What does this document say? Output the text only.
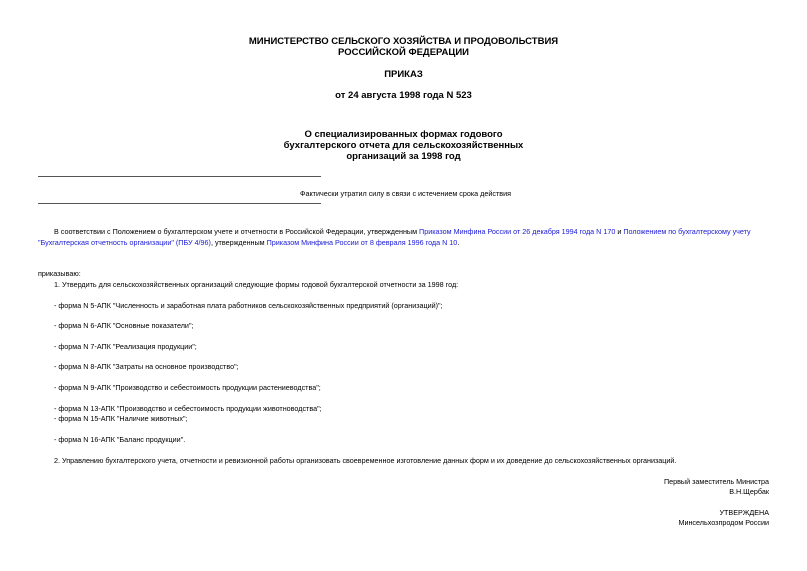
МИНИСТЕРСТВО СЕЛЬСКОГО ХОЗЯЙСТВА И ПРОДОВОЛЬСТВИЯ
РОССИЙСКОЙ ФЕДЕРАЦИИ
ПРИКАЗ
от 24 августа 1998 года N 523
О специализированных формах годового
бухгалтерского отчета для сельскохозяйственных
организаций за 1998 год
Фактически утратил силу в связи с истечением срока действия
В соответствии с Положением о бухгалтерском учете и отчетности в Российской Федерации, утвержденным Приказом Минфина России от 26 декабря 1994 года N 170 и Положением по бухгалтерскому учету
"Бухгалтерская отчетность организации" (ПБУ 4/96), утвержденным Приказом Минфина России от 8 февраля 1996 года N 10.
приказываю:
1. Утвердить для сельскохозяйственных организаций следующие формы годовой бухгалтерской отчетности за 1998 год:
- форма N 5-АПК "Численность и заработная плата работников сельскохозяйственных предприятий (организаций)";
- форма N 6-АПК "Основные показатели";
- форма N 7-АПК "Реализация продукции";
- форма N 8-АПК "Затраты на основное производство";
- форма N 9-АПК "Производство и себестоимость продукции растениеводства";
- форма N 13-АПК "Производство и себестоимость продукции животноводства";
- форма N 15-АПК "Наличие животных";
- форма N 16-АПК "Баланс продукции".
2. Управлению бухгалтерского учета, отчетности и ревизионной работы организовать своевременное изготовление данных форм и их доведение до сельскохозяйственных организаций.
Первый заместитель Министра
В.Н.Щербак
УТВЕРЖДЕНА
Минсельхозпродом России
